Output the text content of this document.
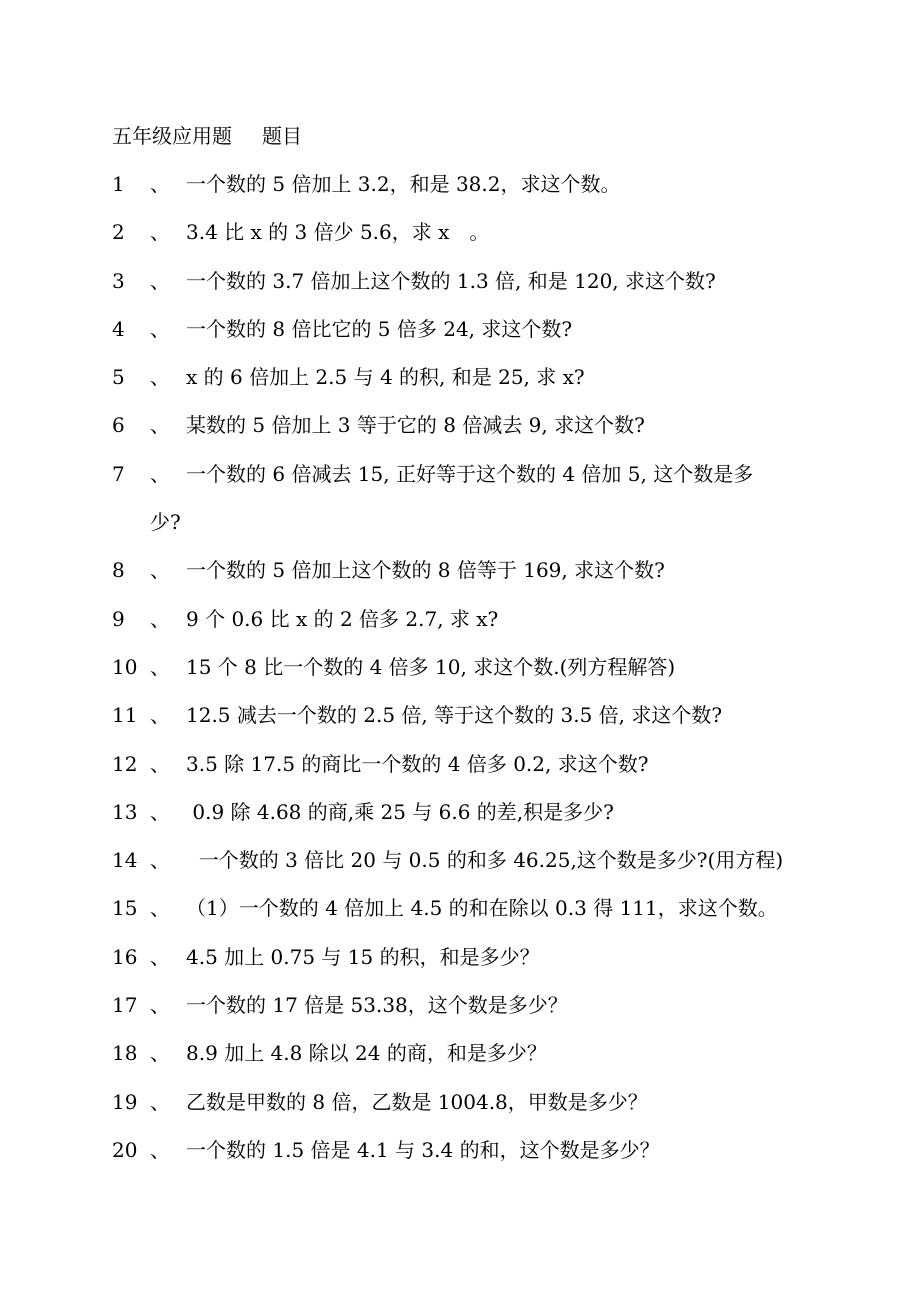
五年级应用题 题目
1 、 一个数的 5 倍加上 3.2，和是 38.2，求这个数。
2 、 3.4 比 x 的 3 倍少 5.6，求 x　。
3 、 一个数的 3.7 倍加上这个数的 1.3 倍, 和是 120, 求这个数?
4 、 一个数的 8 倍比它的 5 倍多 24, 求这个数?
5 、 x 的 6 倍加上 2.5 与 4 的积, 和是 25, 求 x?
6 、 某数的 5 倍加上 3 等于它的 8 倍减去 9, 求这个数?
7 、 一个数的 6 倍减去 15, 正好等于这个数的 4 倍加 5, 这个数是多
少?
8 、 一个数的 5 倍加上这个数的 8 倍等于 169, 求这个数?
9 、 9 个 0.6 比 x 的 2 倍多 2.7, 求 x?
10 、 15 个 8 比一个数的 4 倍多 10, 求这个数.(列方程解答)
11 、 12.5 减去一个数的 2.5 倍, 等于这个数的 3.5 倍, 求这个数?
12 、 3.5 除 17.5 的商比一个数的 4 倍多 0.2, 求这个数?
13 、 0.9 除 4.68 的商,乘 25 与 6.6 的差,积是多少?
14 、 一个数的 3 倍比 20 与 0.5 的和多 46.25,这个数是多少?(用方程)
15 、 （1）一个数的 4 倍加上 4.5 的和在除以 0.3 得 111，求这个数。
16 、 4.5 加上 0.75 与 15 的积，和是多少？
17 、 一个数的 17 倍是 53.38，这个数是多少？
18 、 8.9 加上 4.8 除以 24 的商，和是多少？
19 、 乙数是甲数的 8 倍，乙数是 1004.8，甲数是多少？
20 、 一个数的 1.5 倍是 4.1 与 3.4 的和，这个数是多少？
